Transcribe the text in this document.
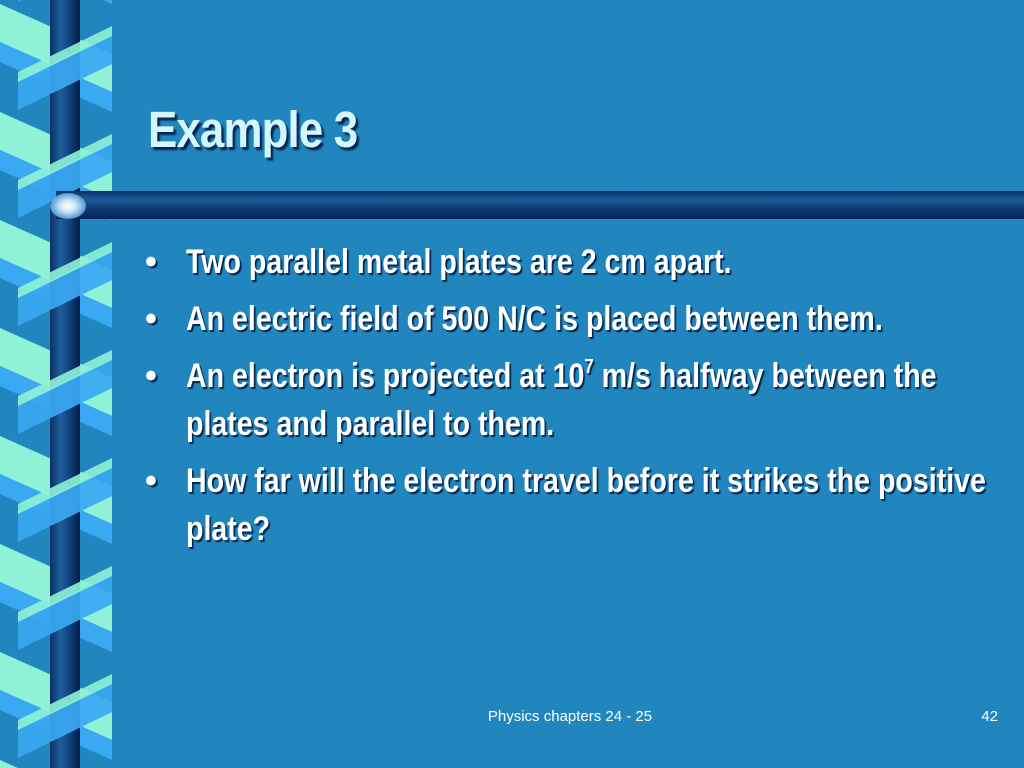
Example 3
• Two parallel metal plates are 2 cm apart.
• An electric field of 500 N/C is placed between them.
• An electron is projected at $10^7$ m/s halfway between the plates and parallel to them.
• How far will the electron travel before it strikes the positive plate?
Physics chapters 24 - 25	42
